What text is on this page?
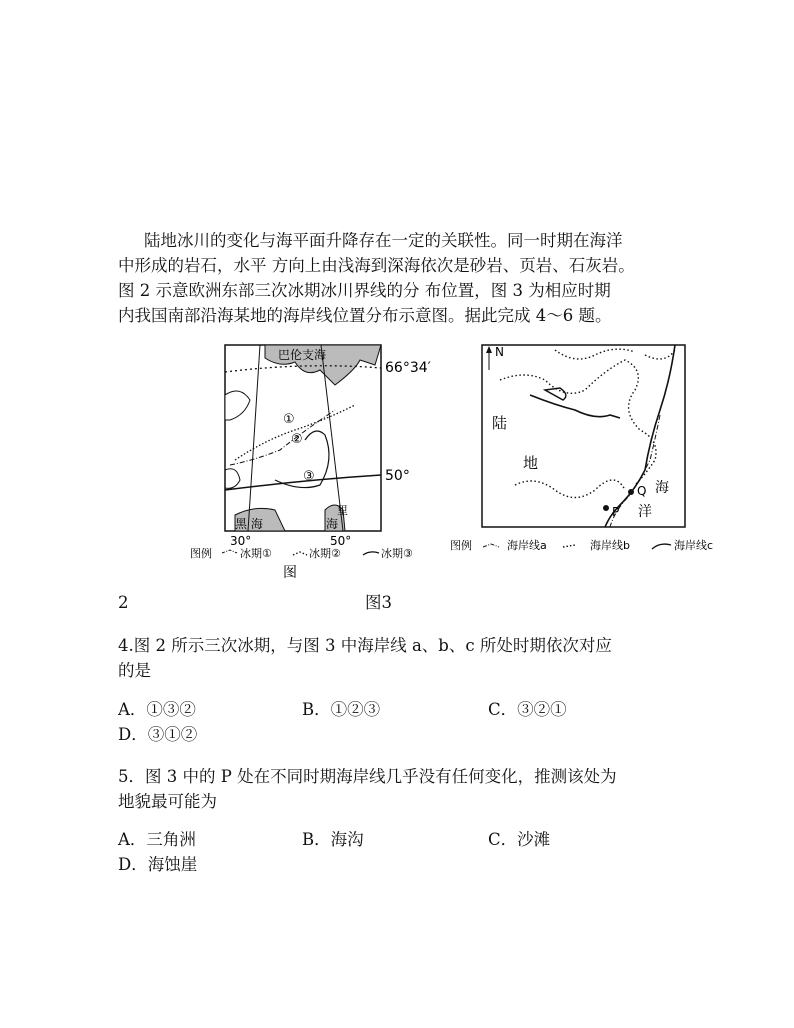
陆地冰川的变化与海平面升降存在一定的关联性。同一时期在海洋
中形成的岩石，水平 方向上由浅海到深海依次是砂岩、页岩、石灰岩。
图 2 示意欧洲东部三次冰期冰川界线的分 布位置，图 3 为相应时期
内我国南部沿海某地的海岸线位置分布示意图。据此完成 4～6 题。
巴伦支海
66°34′
50°
①
②
③
黑 海	海
里
30°	50°
图例	冰期①	冰期②	冰期③
图
N
陆
地
海
洋
P
Q
图例	海岸线a	海岸线b	海岸线c
2	图3
4.图 2 所示三次冰期，与图 3 中海岸线 a、b、c 所处时期依次对应
的是
A．①③②	B．①②③	C．③②①
D．③①②
5．图 3 中的 P 处在不同时期海岸线几乎没有任何变化，推测该处为
地貌最可能为
A．三角洲	B．海沟	C．沙滩
D．海蚀崖
